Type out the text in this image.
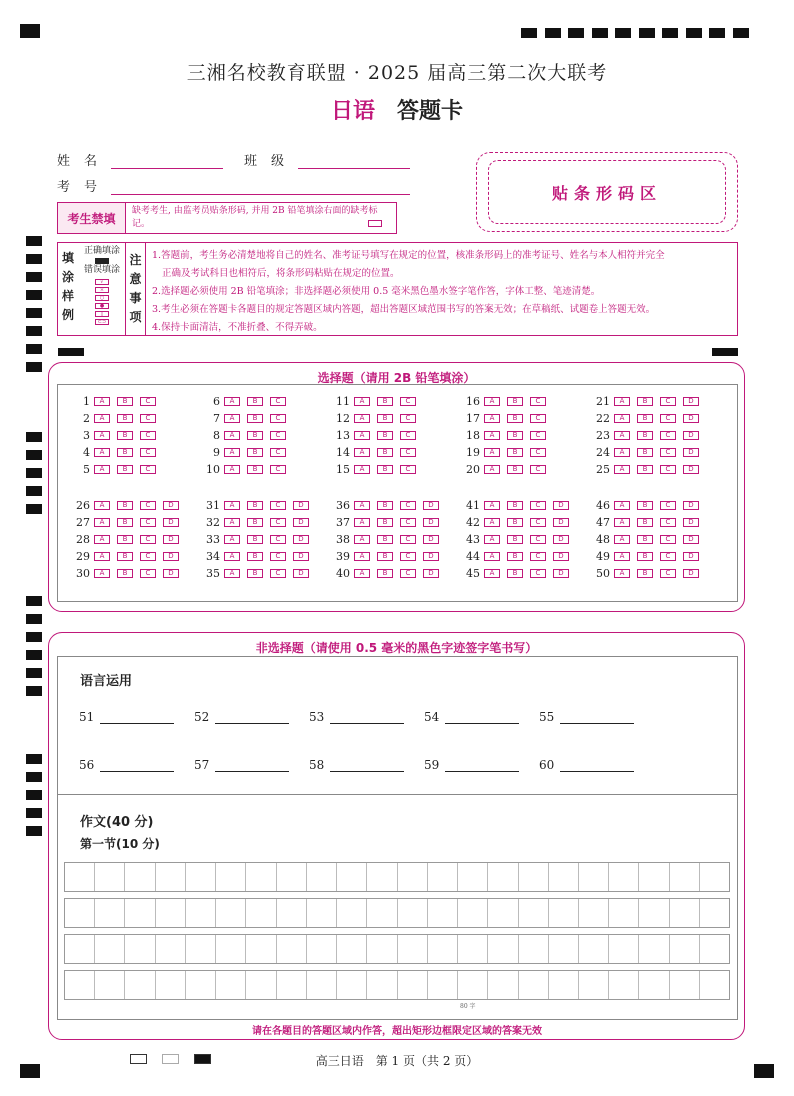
三湘名校教育联盟 · 2025 届高三第二次大联考
日语 答题卡
姓名	班级
考号	贴条形码区
考生禁填
缺考考生, 由监考员贴条形码, 并用 2B 铅笔填涂右面的缺考标记。
填
涂
样
例
正确填涂
错误填涂
√
×
○
●
▯
⊂⊃
注
意
事
项
1.答题前，考生务必清楚地将自己的姓名、准考证号填写在规定的位置，核准条形码上的准考证号、姓名与本人相符并完全
正确及考试科目也相符后，将条形码粘贴在规定的位置。
2.选择题必须使用 2B 铅笔填涂；非选择题必须使用 0.5 毫米黑色墨水签字笔作答，字体工整、笔迹清楚。
3.考生必须在答题卡各题目的规定答题区域内答题，超出答题区域范围书写的答案无效；在草稿纸、试题卷上答题无效。
4.保持卡面清洁，不准折叠、不得弄破。
选择题（请用 2B 铅笔填涂）
1	A	B	C
2	A	B	C
3	A	B	C
4	A	B	C
5	A	B	C
6	A	B	C
7	A	B	C
8	A	B	C
9	A	B	C
10	A	B	C
11	A	B	C
12	A	B	C
13	A	B	C
14	A	B	C
15	A	B	C
16	A	B	C
17	A	B	C
18	A	B	C
19	A	B	C
20	A	B	C
21	A	B	C	D
22	A	B	C	D
23	A	B	C	D
24	A	B	C	D
25	A	B	C	D
26	A	B	C	D
27	A	B	C	D
28	A	B	C	D
29	A	B	C	D
30	A	B	C	D
31	A	B	C	D
32	A	B	C	D
33	A	B	C	D
34	A	B	C	D
35	A	B	C	D
36	A	B	C	D
37	A	B	C	D
38	A	B	C	D
39	A	B	C	D
40	A	B	C	D
41	A	B	C	D
42	A	B	C	D
43	A	B	C	D
44	A	B	C	D
45	A	B	C	D
46	A	B	C	D
47	A	B	C	D
48	A	B	C	D
49	A	B	C	D
50	A	B	C	D
非选择题（请使用 0.5 毫米的黑色字迹签字笔书写）
语言运用
51	52	53	54	55
56	57	58	59	60
作文(40 分)
第一节(10 分)
80 字
请在各题目的答题区域内作答，超出矩形边框限定区域的答案无效
高三日语　第 1 页（共 2 页）
